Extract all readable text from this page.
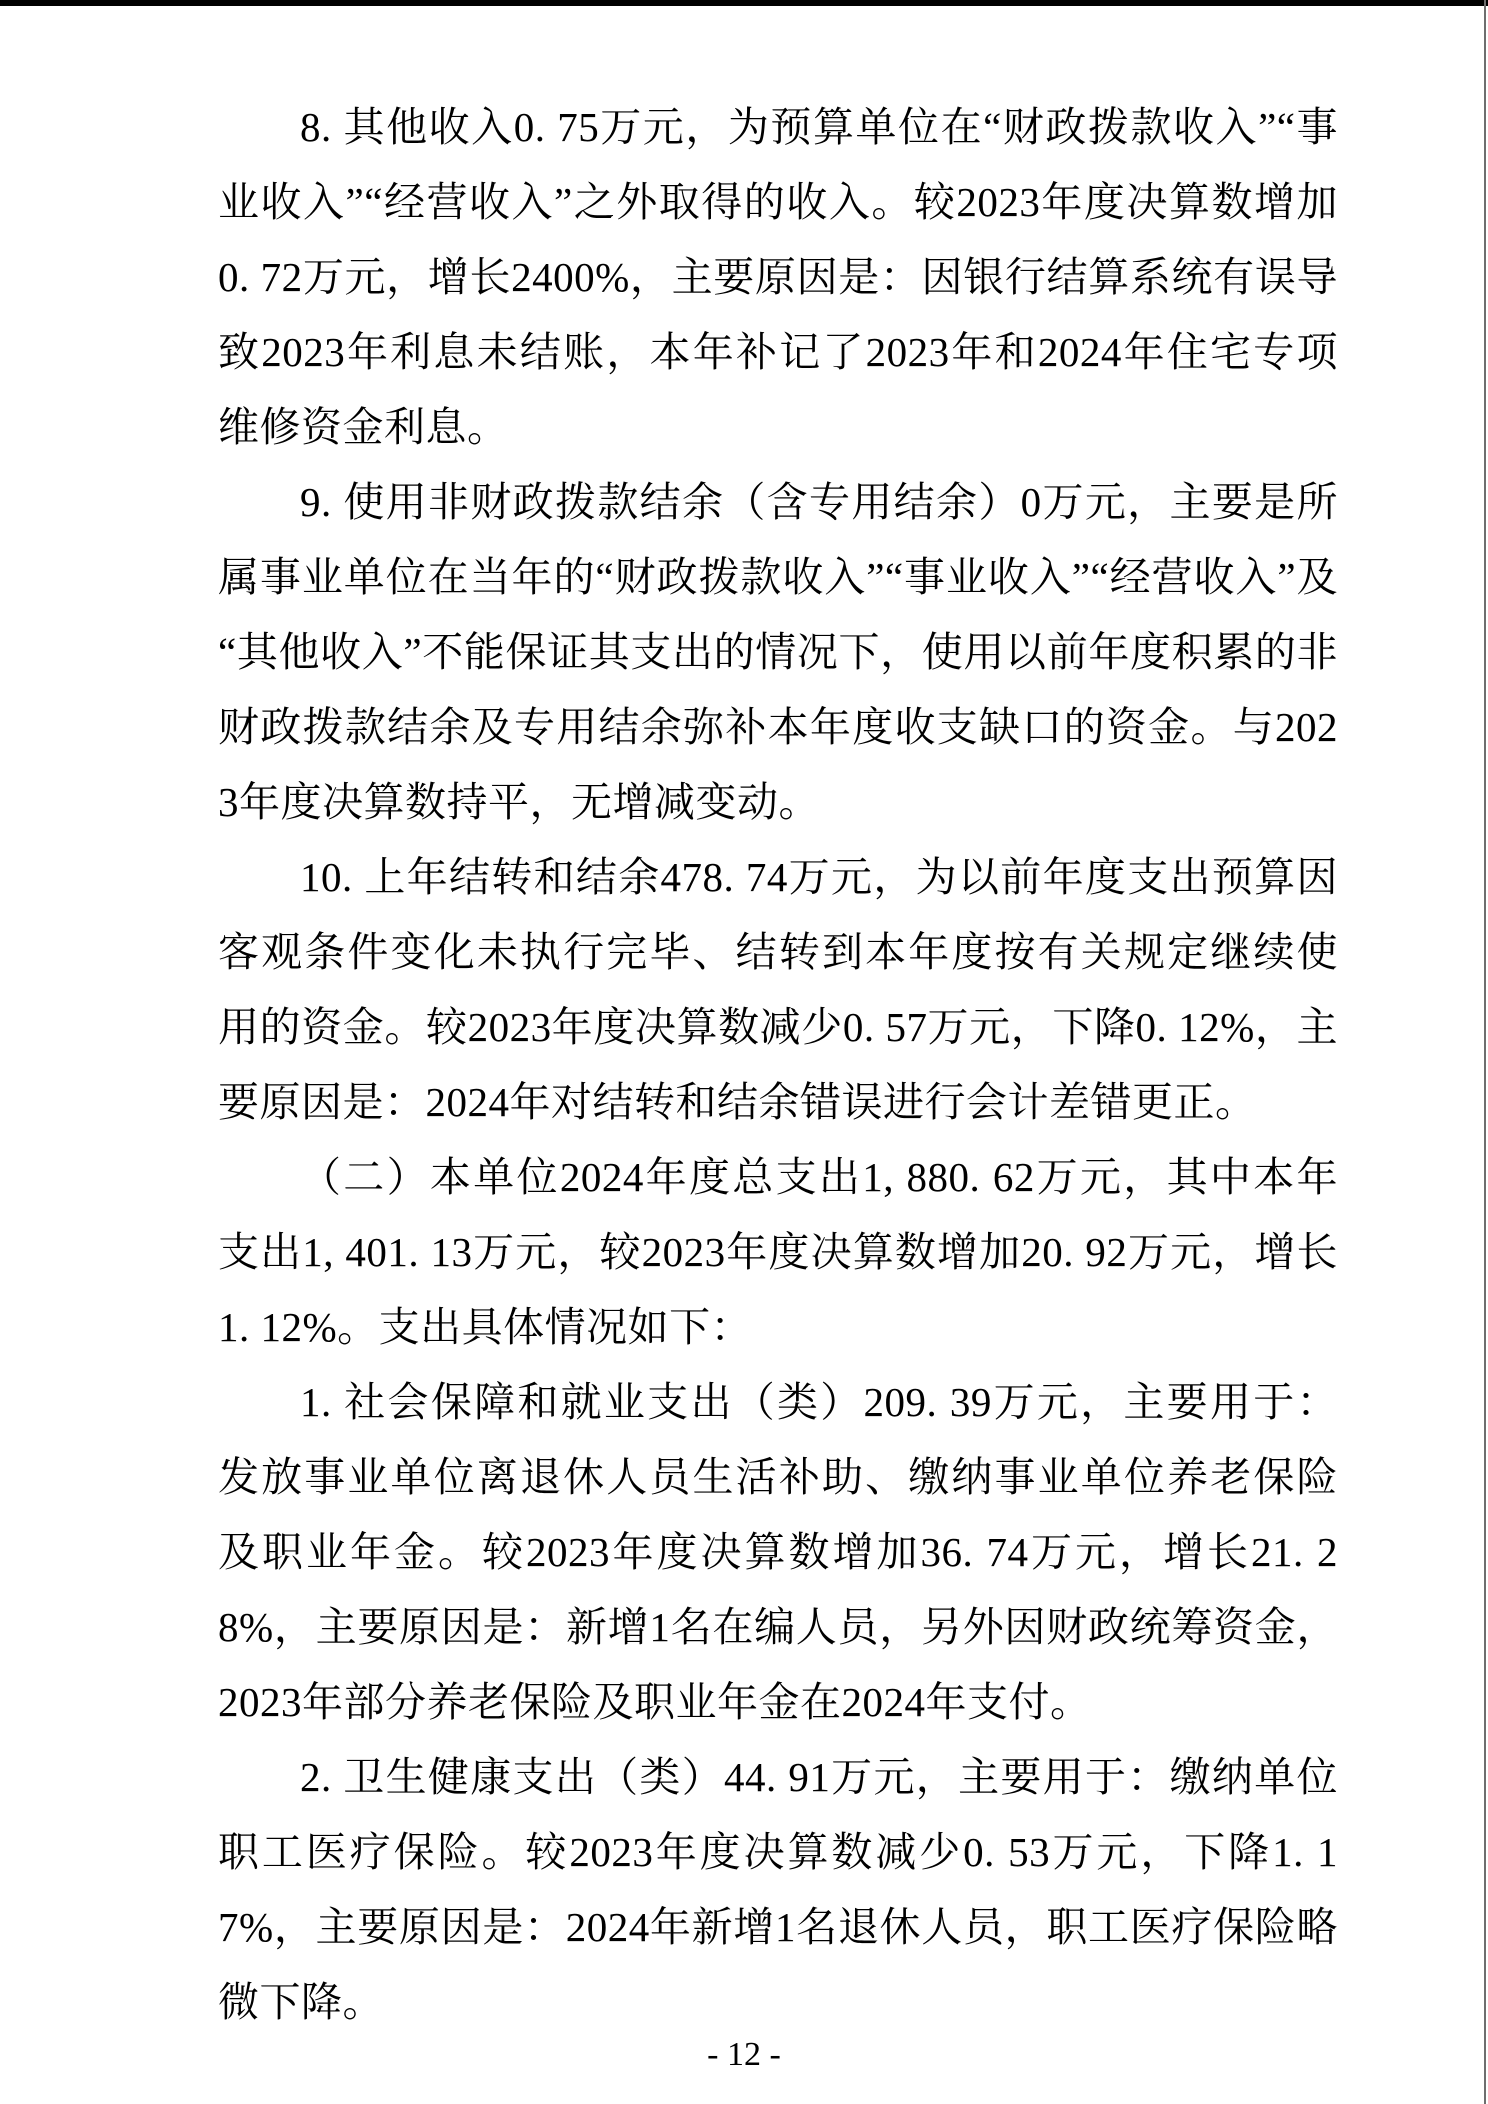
8. 其他收入0. 75万元，为预算单位在“财政拨款收入”“事业收入”“经营收入”之外取得的收入。较2023年度决算数增加0. 72万元，增长2400%，主要原因是：因银行结算系统有误导致2023年利息未结账，本年补记了2023年和2024年住宅专项维修资金利息。

9. 使用非财政拨款结余（含专用结余）0万元，主要是所属事业单位在当年的“财政拨款收入”“事业收入”“经营收入”及“其他收入”不能保证其支出的情况下，使用以前年度积累的非财政拨款结余及专用结余弥补本年度收支缺口的资金。与2023年度决算数持平，无增减变动。

10. 上年结转和结余478. 74万元，为以前年度支出预算因客观条件变化未执行完毕、结转到本年度按有关规定继续使用的资金。较2023年度决算数减少0. 57万元，下降0. 12%，主要原因是：2024年对结转和结余错误进行会计差错更正。

（二）本单位2024年度总支出1, 880. 62万元，其中本年支出1, 401. 13万元，较2023年度决算数增加20. 92万元，增长1. 12%。支出具体情况如下：

1. 社会保障和就业支出（类）209. 39万元，主要用于：发放事业单位离退休人员生活补助、缴纳事业单位养老保险及职业年金。较2023年度决算数增加36. 74万元，增长21. 28%，主要原因是：新增1名在编人员，另外因财政统筹资金，2023年部分养老保险及职业年金在2024年支付。

2. 卫生健康支出（类）44. 91万元，主要用于：缴纳单位职工医疗保险。较2023年度决算数减少0. 53万元，下降1. 17%，主要原因是：2024年新增1名退休人员，职工医疗保险略微下降。

- 12 -
